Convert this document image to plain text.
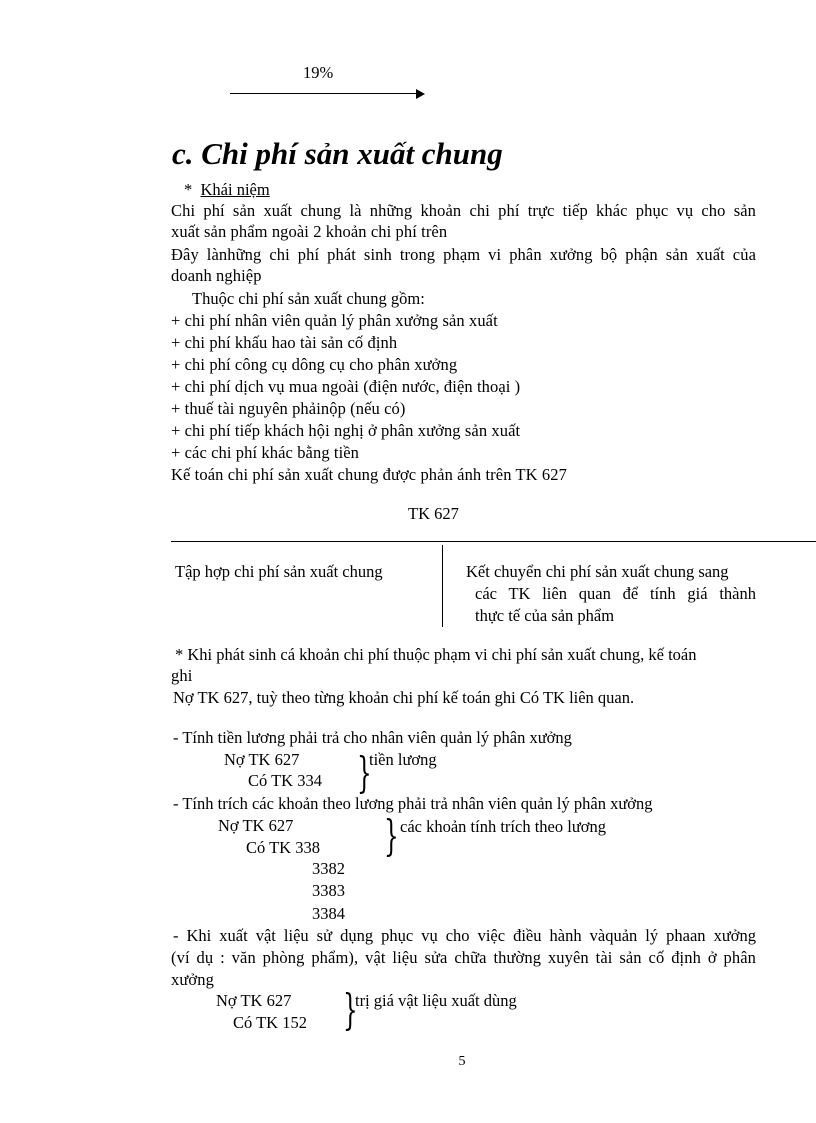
19%
c. Chi phí sản xuất chung
* Khái niệm
Chi phí sản xuất chung là những khoản chi phí trực tiếp khác phục vụ cho sản
xuất sản phẩm ngoài 2 khoản chi phí trên
Đây lànhững chi phí phát sinh trong phạm vi phân xưởng bộ phận sản xuất của
doanh nghiệp
Thuộc chi phí sản xuất chung gồm:
+ chi phí nhân viên quản lý phân xưởng sản xuất
+ chi phí khấu hao tài sản cố định
+ chi phí công cụ dông cụ cho phân xưởng
+ chi phí dịch vụ mua ngoài (điện nước, điện thoại )
+ thuế tài nguyên phảinộp (nếu có)
+ chi phí tiếp khách hội nghị ở phân xưởng sản xuất
+ các chi phí khác bằng tiền
Kế toán chi phí sản xuất chung được phản ánh trên TK 627
TK 627
Tập hợp chi phí sản xuất chung	Kết chuyển chi phí sản xuất chung sang
các TK liên quan để tính giá thành
thực tế của sản phẩm
* Khi phát sinh cá khoản chi phí thuộc phạm vi chi phí sản xuất chung, kế toán
ghi
Nợ TK 627, tuỳ theo từng khoản chi phí kế toán ghi Có TK liên quan.
- Tính tiền lương phải trả cho nhân viên quản lý phân xưởng
Nợ TK 627
Có TK 334 }
tiền lương
- Tính trích các khoản theo lương phải trả nhân viên quản lý phân xưởng
Nợ TK 627
Có TK 338 } các khoản tính trích theo lương
3382
3383
3384
- Khi xuất vật liệu sử dụng phục vụ cho việc điều hành vàquản lý phaan xưởng
(ví dụ : văn phòng phẩm), vật liệu sửa chữa thường xuyên tài sản cố định ở phân
xưởng
Nợ TK 627
Có TK 152 }
trị giá vật liệu xuất dùng
5
